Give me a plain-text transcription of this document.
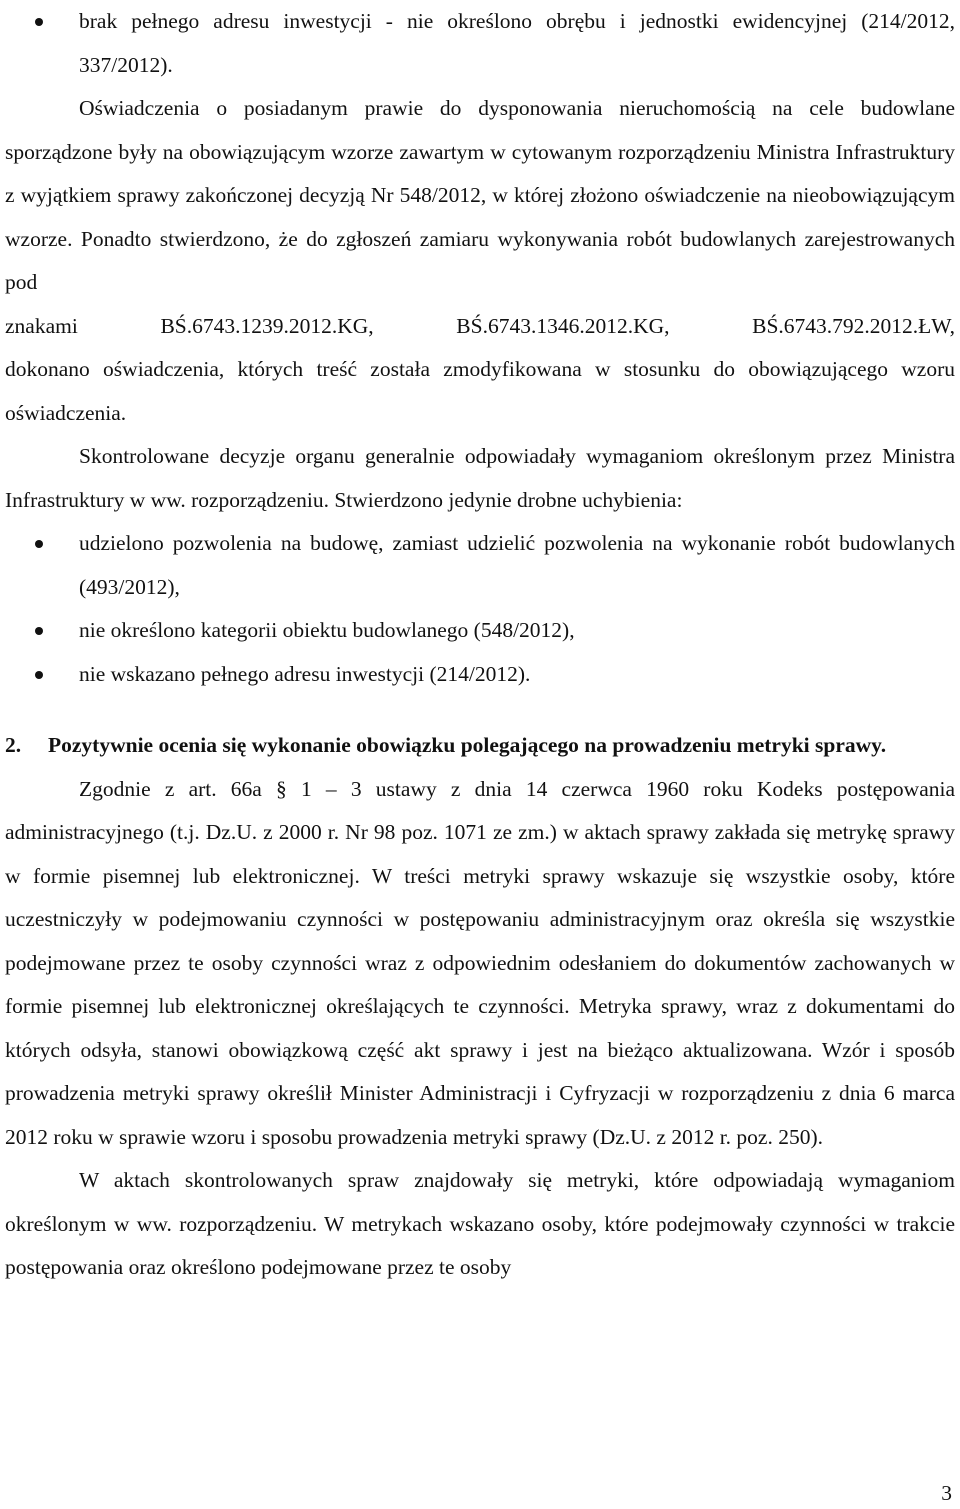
brak pełnego adresu inwestycji - nie określono obrębu i jednostki ewidencyjnej (214/2012, 337/2012).
Oświadczenia o posiadanym prawie do dysponowania nieruchomością na cele budowlane sporządzone były na obowiązującym wzorze zawartym w cytowanym rozporządzeniu Ministra Infrastruktury z wyjątkiem sprawy zakończonej decyzją Nr 548/2012, w której złożono oświadczenie na nieobowiązującym wzorze. Ponadto stwierdzono, że do zgłoszeń zamiaru wykonywania robót budowlanych zarejestrowanych pod
znakami	BŚ.6743.1239.2012.KG,	BŚ.6743.1346.2012.KG,	BŚ.6743.792.2012.ŁW,
dokonano oświadczenia, których treść została zmodyfikowana w stosunku do obowiązującego wzoru oświadczenia.
Skontrolowane decyzje organu generalnie odpowiadały wymaganiom określonym przez Ministra Infrastruktury w ww. rozporządzeniu. Stwierdzono jedynie drobne uchybienia:
udzielono pozwolenia na budowę, zamiast udzielić pozwolenia na wykonanie robót budowlanych (493/2012),
nie określono kategorii obiektu budowlanego (548/2012),
nie wskazano pełnego adresu inwestycji (214/2012).
2. Pozytywnie ocenia się wykonanie obowiązku polegającego na prowadzeniu metryki sprawy.
Zgodnie z art. 66a § 1 – 3 ustawy z dnia 14 czerwca 1960 roku Kodeks postępowania administracyjnego (t.j. Dz.U. z 2000 r. Nr 98 poz. 1071 ze zm.) w aktach sprawy zakłada się metrykę sprawy w formie pisemnej lub elektronicznej. W treści metryki sprawy wskazuje się wszystkie osoby, które uczestniczyły w podejmowaniu czynności w postępowaniu administracyjnym oraz określa się wszystkie podejmowane przez te osoby czynności wraz z odpowiednim odesłaniem do dokumentów zachowanych w formie pisemnej lub elektronicznej określających te czynności. Metryka sprawy, wraz z dokumentami do których odsyła, stanowi obowiązkową część akt sprawy i jest na bieżąco aktualizowana. Wzór i sposób prowadzenia metryki sprawy określił Minister Administracji i Cyfryzacji w rozporządzeniu z dnia 6 marca 2012 roku w sprawie wzoru i sposobu prowadzenia metryki sprawy (Dz.U. z 2012 r. poz. 250).
W aktach skontrolowanych spraw znajdowały się metryki, które odpowiadają wymaganiom określonym w ww. rozporządzeniu. W metrykach wskazano osoby, które podejmowały czynności w trakcie postępowania oraz określono podejmowane przez te osoby
3
